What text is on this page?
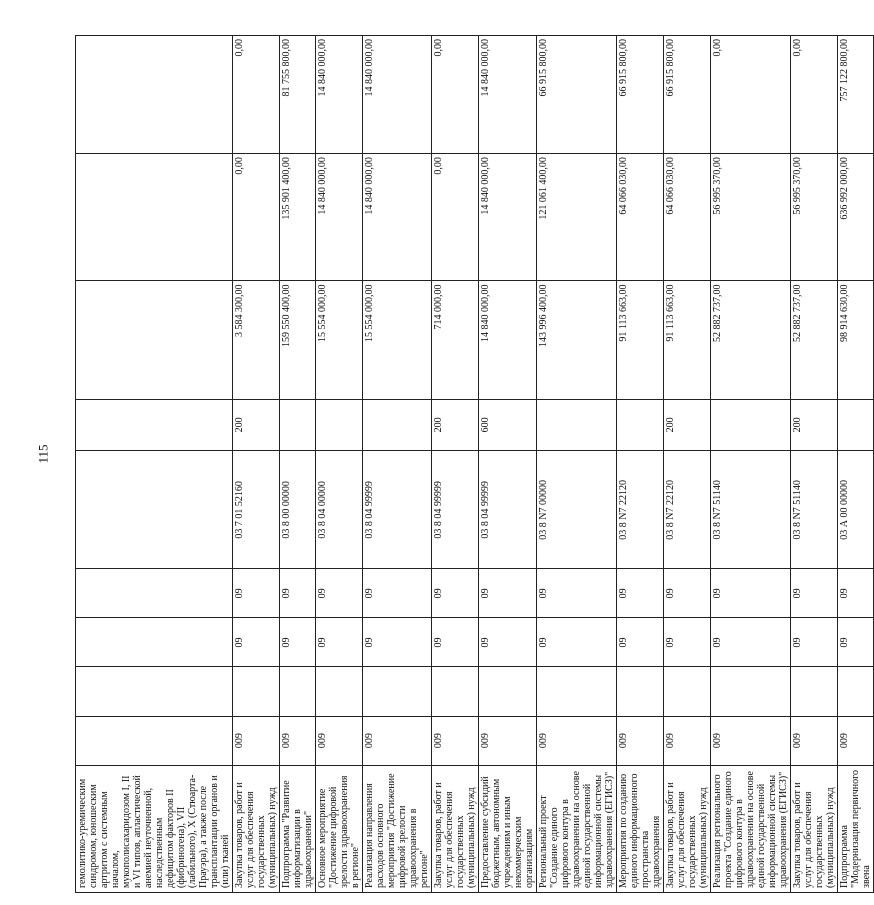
115
гемолитико-уремическим синдромом, юношеским артритом с системным началом, мукополисахаридозом I, II и VI типов, апластической анемией неуточненной, наследственным дефицитом факторов II (фибриногена), VII (лабильного), X (Стюарта-Прауэра), а также после трансплантации органов и (или) тканей									
Закупка товаров, работ и услуг для обеспечения государственных (муниципальных) нужд	009		09	09	03 7 01 52160	200	3 584 300,00	0,00	0,00
Подпрограмма "Развитие информатизации в здравоохранении"	009		09	09	03 8 00 00000		159 550 400,00	135 901 400,00	81 755 800,00
Основное мероприятие "Достижение цифровой зрелости здравоохранения в регионе"	009		09	09	03 8 04 00000		15 554 000,00	14 840 000,00	14 840 000,00
Реализация направления расходов основного мероприятия "Достижение цифровой зрелости здравоохранения в регионе"	009		09	09	03 8 04 99999		15 554 000,00	14 840 000,00	14 840 000,00
Закупка товаров, работ и услуг для обеспечения государственных (муниципальных) нужд	009		09	09	03 8 04 99999	200	714 000,00	0,00	0,00
Предоставление субсидий бюджетным, автономным учреждениям и иным некоммерческим организациям	009		09	09	03 8 04 99999	600	14 840 000,00	14 840 000,00	14 840 000,00
Региональный проект "Создание единого цифрового контура в здравоохранении на основе единой государственной информационной системы здравоохранения (ЕГИСЗ)"	009		09	09	03 8 N7 00000		143 996 400,00	121 061 400,00	66 915 800,00
Мероприятия по созданию единого информационного пространства здравоохранения	009		09	09	03 8 N7 22120		91 113 663,00	64 066 030,00	66 915 800,00
Закупка товаров, работ и услуг для обеспечения государственных (муниципальных) нужд	009		09	09	03 8 N7 22120	200	91 113 663,00	64 066 030,00	66 915 800,00
Реализация регионального проекта "Создание единого цифрового контура в здравоохранении на основе единой государственной информационной системы здравоохранения (ЕГИСЗ)"	009		09	09	03 8 N7 51140		52 882 737,00	56 995 370,00	0,00
Закупка товаров, работ и услуг для обеспечения государственных (муниципальных) нужд	009		09	09	03 8 N7 51140	200	52 882 737,00	56 995 370,00	0,00
Подпрограмма "Модернизация первичного звена	009		09	09	03 А 00 00000		98 914 630,00	636 992 000,00	757 122 800,00
